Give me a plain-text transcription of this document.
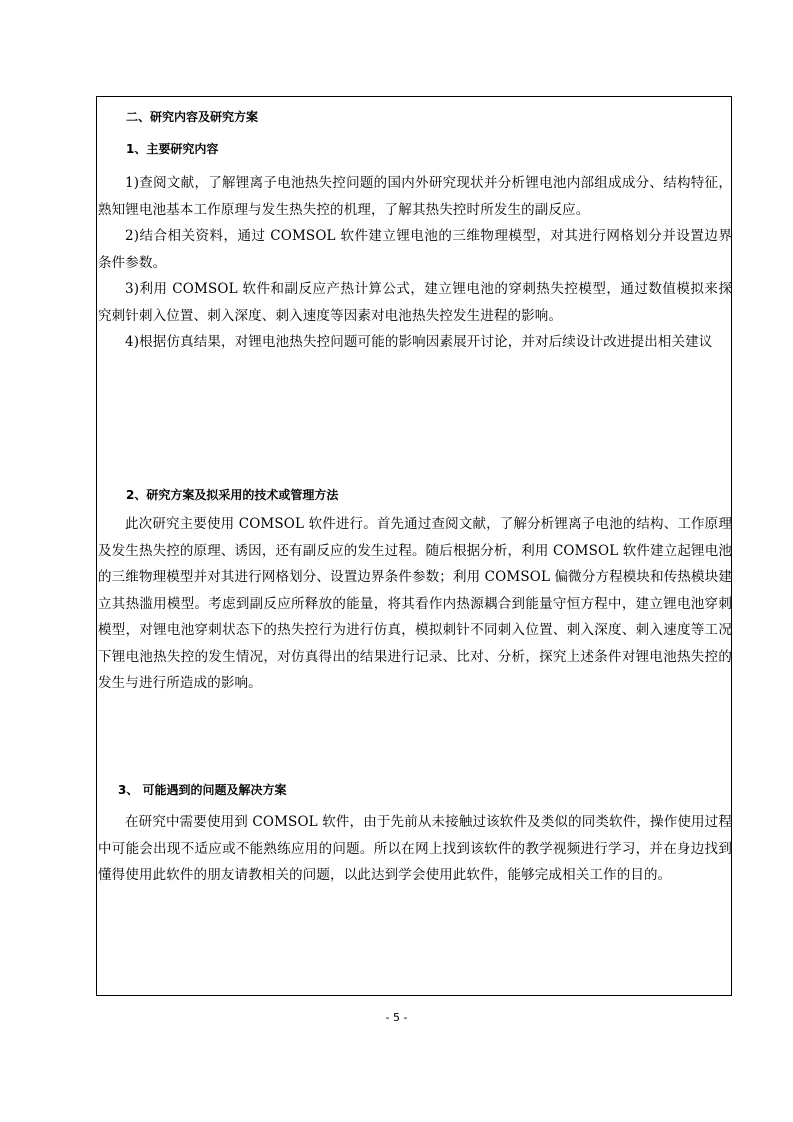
二、研究内容及研究方案
1、主要研究内容

1)查阅文献，了解锂离子电池热失控问题的国内外研究现状并分析锂电池内部组成成分、结构特征，熟知锂电池基本工作原理与发生热失控的机理，了解其热失控时所发生的副反应。

2)结合相关资料，通过 COMSOL 软件建立锂电池的三维物理模型，对其进行网格划分并设置边界条件参数。

3)利用 COMSOL 软件和副反应产热计算公式，建立锂电池的穿刺热失控模型，通过数值模拟来探究刺针刺入位置、刺入深度、刺入速度等因素对电池热失控发生进程的影响。

4)根据仿真结果，对锂电池热失控问题可能的影响因素展开讨论，并对后续设计改进提出相关建议

2、研究方案及拟采用的技术或管理方法

此次研究主要使用 COMSOL 软件进行。首先通过查阅文献，了解分析锂离子电池的结构、工作原理及发生热失控的原理、诱因，还有副反应的发生过程。随后根据分析，利用 COMSOL 软件建立起锂电池的三维物理模型并对其进行网格划分、设置边界条件参数；利用 COMSOL 偏微分方程模块和传热模块建立其热滥用模型。考虑到副反应所释放的能量，将其看作内热源耦合到能量守恒方程中，建立锂电池穿刺模型，对锂电池穿刺状态下的热失控行为进行仿真，模拟刺针不同刺入位置、刺入深度、刺入速度等工况下锂电池热失控的发生情况，对仿真得出的结果进行记录、比对、分析，探究上述条件对锂电池热失控的发生与进行所造成的影响。

3、 可能遇到的问题及解决方案

在研究中需要使用到 COMSOL 软件，由于先前从未接触过该软件及类似的同类软件，操作使用过程中可能会出现不适应或不能熟练应用的问题。所以在网上找到该软件的教学视频进行学习，并在身边找到懂得使用此软件的朋友请教相关的问题，以此达到学会使用此软件，能够完成相关工作的目的。

- 5 -
